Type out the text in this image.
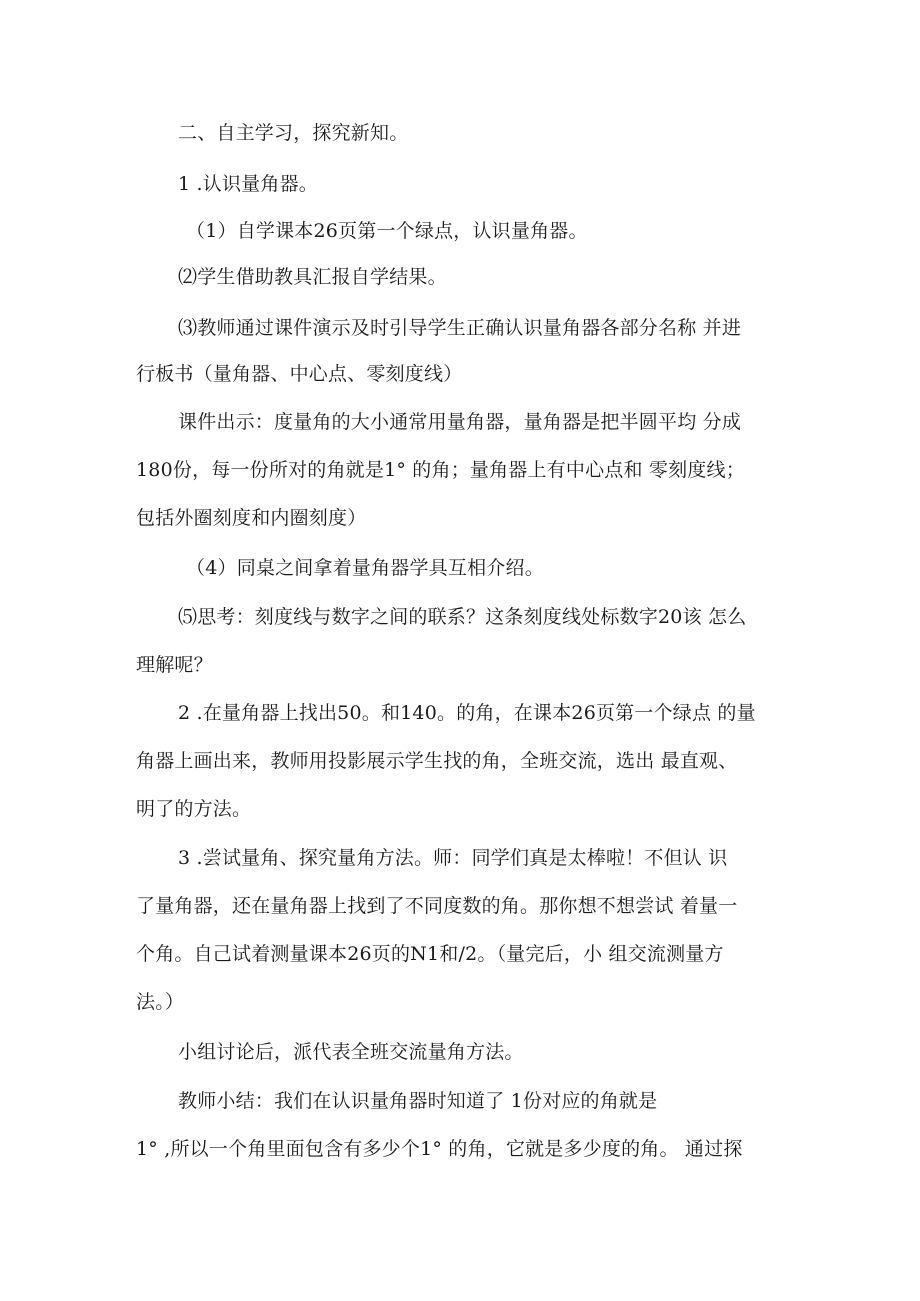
二、自主学习，探究新知。
1 .认识量角器。
（1）自学课本26页第一个绿点，认识量角器。
⑵学生借助教具汇报自学结果。
⑶教师通过课件演示及时引导学生正确认识量角器各部分名称 并进
行板书（量角器、中心点、零刻度线）
课件出示：度量角的大小通常用量角器，量角器是把半圆平均 分成
180份，每一份所对的角就是1° 的角；量角器上有中心点和 零刻度线；
包括外圈刻度和内圈刻度）
（4）同桌之间拿着量角器学具互相介绍。
⑸思考：刻度线与数字之间的联系？这条刻度线处标数字20该 怎么
理解呢？
2 .在量角器上找出50。和140。的角，在课本26页第一个绿点 的量
角器上画出来，教师用投影展示学生找的角，全班交流，选出 最直观、
明了的方法。
3 .尝试量角、探究量角方法。师：同学们真是太棒啦！不但认 识
了量角器，还在量角器上找到了不同度数的角。那你想不想尝试 着量一
个角。自己试着测量课本26页的N1和/2。（量完后，小 组交流测量方
法。）
小组讨论后，派代表全班交流量角方法。
教师小结：我们在认识量角器时知道了 1份对应的角就是
1° ,所以一个角里面包含有多少个1° 的角，它就是多少度的角。 通过探
